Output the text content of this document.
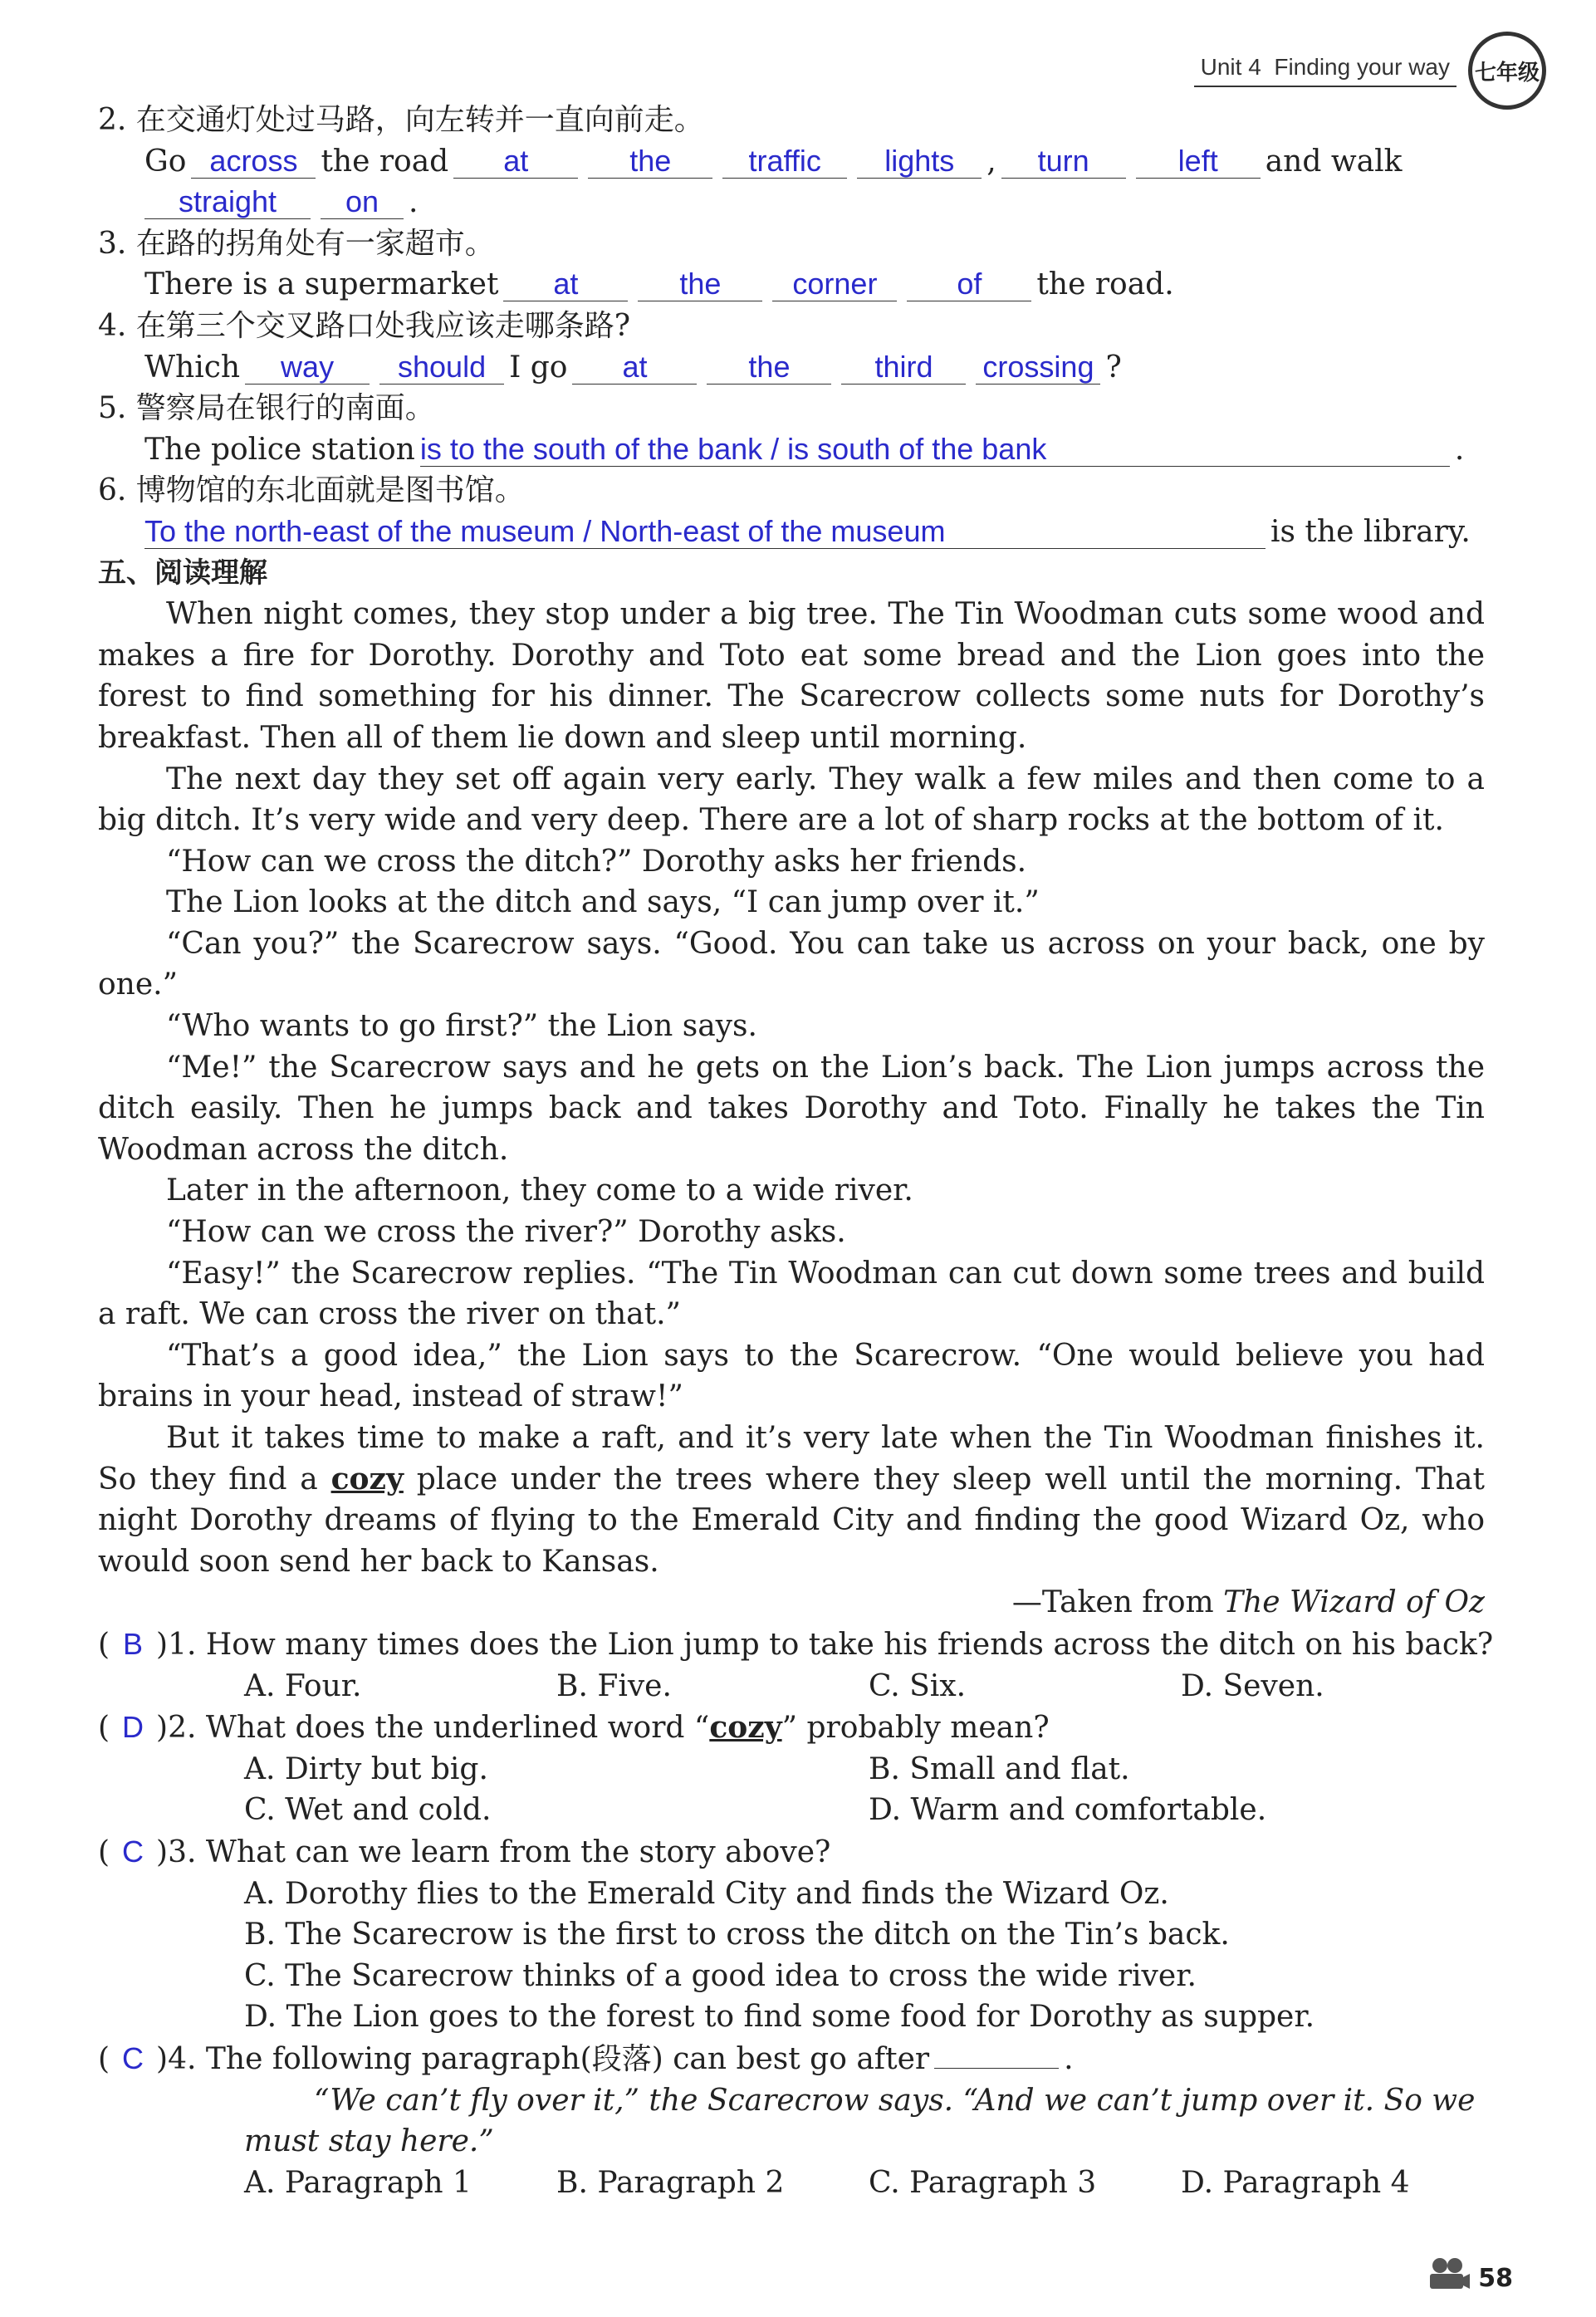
Unit 4 Finding your way	七年级
2. 在交通灯处过马路，向左转并一直向前走。
Go across the road at	the	traffic lights , turn	left and walk
straight on .
3. 在路的拐角处有一家超市。
There is a supermarket at	the corner	of the road.
4. 在第三个交叉路口处我应该走哪条路?
Which way should I go at	the	third crossing ?
5. 警察局在银行的南面。
The police station is to the south of the bank / is south of the bank	.
6. 博物馆的东北面就是图书馆。
To the north-east of the museum / North-east of the museum	is the library.
五、阅读理解
When night comes, they stop under a big tree. The Tin Woodman cuts some wood and makes a fire for Dorothy. Dorothy and Toto eat some bread and the Lion goes into the forest to find something for his dinner. The Scarecrow collects some nuts for Dorothy’s breakfast. Then all of them lie down and sleep until morning.
The next day they set off again very early. They walk a few miles and then come to a big ditch. It’s very wide and very deep. There are a lot of sharp rocks at the bottom of it.
“How can we cross the ditch?” Dorothy asks her friends.
The Lion looks at the ditch and says, “I can jump over it.”
“Can you?” the Scarecrow says. “Good. You can take us across on your back, one by one.”
“Who wants to go first?” the Lion says.
“Me!” the Scarecrow says and he gets on the Lion’s back. The Lion jumps across the ditch easily. Then he jumps back and takes Dorothy and Toto. Finally he takes the Tin Woodman across the ditch.
Later in the afternoon, they come to a wide river.
“How can we cross the river?” Dorothy asks.
“Easy!” the Scarecrow replies. “The Tin Woodman can cut down some trees and build a raft. We can cross the river on that.”
“That’s a good idea,” the Lion says to the Scarecrow. “One would believe you had brains in your head, instead of straw!”
But it takes time to make a raft, and it’s very late when the Tin Woodman finishes it. So they find a cozy place under the trees where they sleep well until the morning. That night Dorothy dreams of flying to the Emerald City and finding the good Wizard Oz, who would soon send her back to Kansas.
—Taken from The Wizard of Oz
( B )1. How many times does the Lion jump to take his friends across the ditch on his back?
A. Four.	B. Five.	C. Six.	D. Seven.
( D )2. What does the underlined word “cozy” probably mean?
A. Dirty but big.	B. Small and flat.
C. Wet and cold.	D. Warm and comfortable.
( C )3. What can we learn from the story above?
A. Dorothy flies to the Emerald City and finds the Wizard Oz.
B. The Scarecrow is the first to cross the ditch on the Tin’s back.
C. The Scarecrow thinks of a good idea to cross the wide river.
D. The Lion goes to the forest to find some food for Dorothy as supper.
( C )4. The following paragraph(段落) can best go after	.
“We can’t fly over it,” the Scarecrow says. “And we can’t jump over it. So we
must stay here.”
A. Paragraph 1	B. Paragraph 2	C. Paragraph 3	D. Paragraph 4
58
